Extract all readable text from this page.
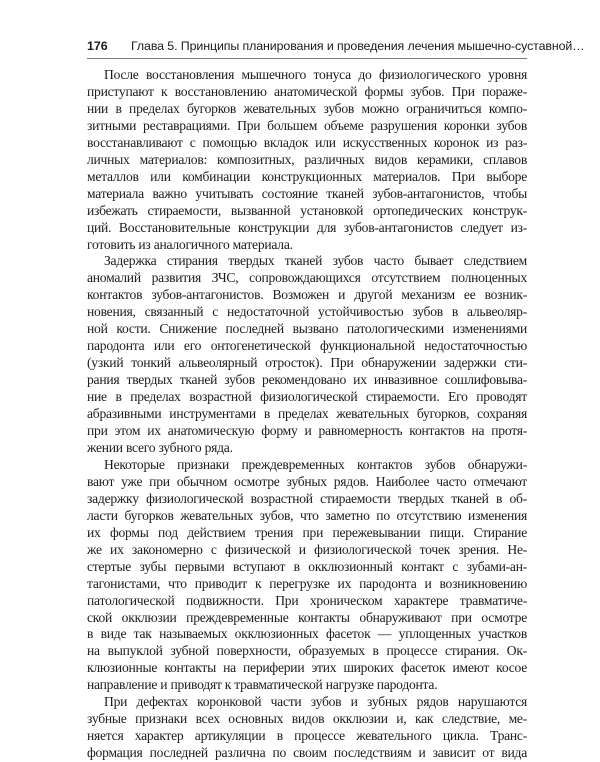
176 Глава 5. Принципы планирования и проведения лечения мышечно-суставной…
После восстановления мышечного тонуса до физиологического уровня
приступают к восстановлению анатомической формы зубов. При пораже-
нии в пределах бугорков жевательных зубов можно ограничиться компо-
зитными реставрациями. При большем объеме разрушения коронки зубов
восстанавливают с помощью вкладок или искусственных коронок из раз-
личных материалов: композитных, различных видов керамики, сплавов
металлов или комбинации конструкционных материалов. При выборе
материала важно учитывать состояние тканей зубов-антагонистов, чтобы
избежать стираемости, вызванной установкой ортопедических конструк-
ций. Восстановительные конструкции для зубов-антагонистов следует из-
готовить из аналогичного материала.
Задержка стирания твердых тканей зубов часто бывает следствием
аномалий развития ЗЧС, сопровождающихся отсутствием полноценных
контактов зубов-антагонистов. Возможен и другой механизм ее возник-
новения, связанный с недостаточной устойчивостью зубов в альвеоляр-
ной кости. Снижение последней вызвано патологическими изменениями
пародонта или его онтогенетической функциональной недостаточностью
(узкий тонкий альвеолярный отросток). При обнаружении задержки сти-
рания твердых тканей зубов рекомендовано их инвазивное сошлифовыва-
ние в пределах возрастной физиологической стираемости. Его проводят
абразивными инструментами в пределах жевательных бугорков, сохраняя
при этом их анатомическую форму и равномерность контактов на протя-
жении всего зубного ряда.
Некоторые признаки преждевременных контактов зубов обнаружи-
вают уже при обычном осмотре зубных рядов. Наиболее часто отмечают
задержку физиологической возрастной стираемости твердых тканей в об-
ласти бугорков жевательных зубов, что заметно по отсутствию изменения
их формы под действием трения при пережевывании пищи. Стирание
же их закономерно с физической и физиологической точек зрения. Не-
стертые зубы первыми вступают в окклюзионный контакт с зубами-ан-
тагонистами, что приводит к перегрузке их пародонта и возникновению
патологической подвижности. При хроническом характере травматиче-
ской окклюзии преждевременные контакты обнаруживают при осмотре
в виде так называемых окклюзионных фасеток — уплощенных участков
на выпуклой зубной поверхности, образуемых в процессе стирания. Ок-
клюзионные контакты на периферии этих широких фасеток имеют косое
направление и приводят к травматической нагрузке пародонта.
При дефектах коронковой части зубов и зубных рядов нарушаются
зубные признаки всех основных видов окклюзии и, как следствие, ме-
няется характер артикуляции в процессе жевательного цикла. Транс-
формация последней различна по своим последствиям и зависит от вида
